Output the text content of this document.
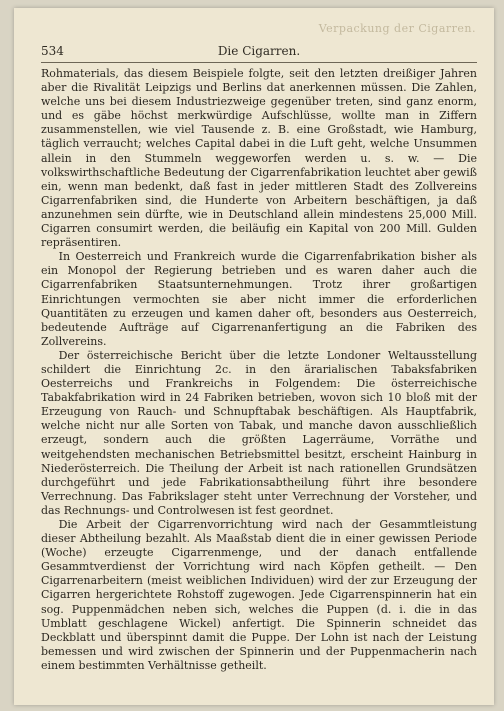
Verpackung der Cigarren.
534	Die Cigarren.

Rohmaterials, das diesem Beispiele folgte, seit den letzten dreißiger Jahren aber die Rivalität Leipzigs und Berlins dat anerkennen müssen. Die Zahlen, welche uns bei diesem Industriezweige gegenüber treten, sind ganz enorm, und es gäbe höchst merkwürdige Aufschlüsse, wollte man in Ziffern zusammenstellen, wie viel Tausende z. B. eine Großstadt, wie Hamburg, täglich verraucht; welches Capital dabei in die Luft geht, welche Unsummen allein in den Stummeln weggeworfen werden u. s. w. — Die volkswirthschaftliche Bedeutung der Cigarrenfabrikation leuchtet aber gewiß ein, wenn man bedenkt, daß fast in jeder mittleren Stadt des Zollvereins Cigarrenfabriken sind, die Hunderte von Arbeitern beschäftigen, ja daß anzunehmen sein dürfte, wie in Deutschland allein mindestens 25,000 Mill. Cigarren consumirt werden, die beiläufig ein Kapital von 200 Mill. Gulden repräsentiren.

In Oesterreich und Frankreich wurde die Cigarrenfabrikation bisher als ein Monopol der Regierung betrieben und es waren daher auch die Cigarrenfabriken Staatsunternehmungen. Trotz ihrer großartigen Einrichtungen vermochten sie aber nicht immer die erforderlichen Quantitäten zu erzeugen und kamen daher oft, besonders aus Oesterreich, bedeutende Aufträge auf Cigarrenanfertigung an die Fabriken des Zollvereins.

Der österreichische Bericht über die letzte Londoner Weltausstellung schildert die Einrichtung 2c. in den ärarialischen Tabaksfabriken Oesterreichs und Frankreichs in Folgendem: Die österreichische Tabakfabrikation wird in 24 Fabriken betrieben, wovon sich 10 bloß mit der Erzeugung von Rauch- und Schnupftabak beschäftigen. Als Hauptfabrik, welche nicht nur alle Sorten von Tabak, und manche davon ausschließlich erzeugt, sondern auch die größten Lagerräume, Vorräthe und weitgehendsten mechanischen Betriebsmittel besitzt, erscheint Hainburg in Niederösterreich. Die Theilung der Arbeit ist nach rationellen Grundsätzen durchgeführt und jede Fabrikationsabtheilung führt ihre besondere Verrechnung. Das Fabrikslager steht unter Verrechnung der Vorsteher, und das Rechnungs- und Controlwesen ist fest geordnet.

Die Arbeit der Cigarrenvorrichtung wird nach der Gesammtleistung dieser Abtheilung bezahlt. Als Maaßstab dient die in einer gewissen Periode (Woche) erzeugte Cigarrenmenge, und der danach entfallende Gesammtverdienst der Vorrichtung wird nach Köpfen getheilt. — Den Cigarrenarbeitern (meist weiblichen Individuen) wird der zur Erzeugung der Cigarren hergerichtete Rohstoff zugewogen. Jede Cigarrenspinnerin hat ein sog. Puppenmädchen neben sich, welches die Puppen (d. i. die in das Umblatt geschlagene Wickel) anfertigt. Die Spinnerin schneidet das Deckblatt und überspinnt damit die Puppe. Der Lohn ist nach der Leistung bemessen und wird zwischen der Spinnerin und der Puppenmacherin nach einem bestimmten Verhältnisse getheilt.
